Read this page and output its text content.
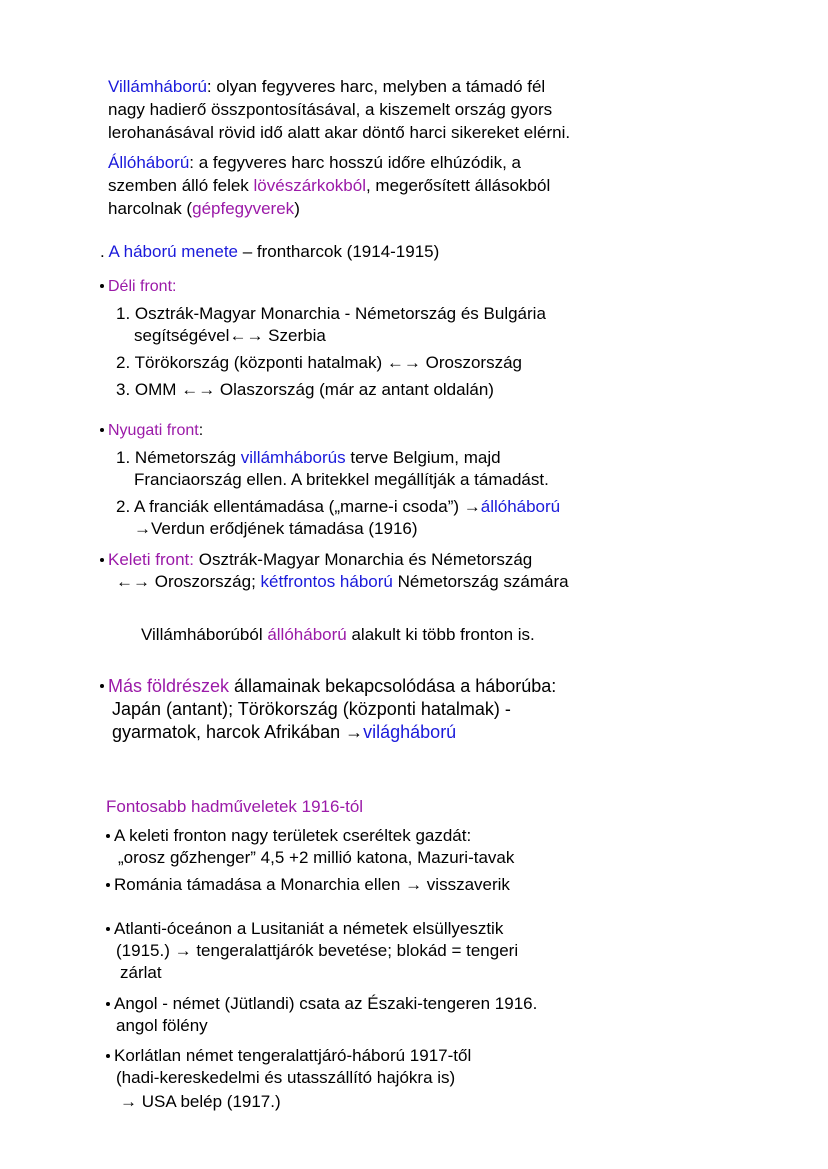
Villámháború: olyan fegyveres harc, melyben a támadó fél
nagy hadierő összpontosításával, a kiszemelt ország gyors
lerohanásával rövid idő alatt akar döntő harci sikereket elérni.
Állóháború: a fegyveres harc hosszú időre elhúzódik, a
szemben álló felek lövészárkokból, megerősített állásokból
harcolnak (gépfegyverek)
. A háború menete – frontharcok (1914-1915)
Déli front:
1. Osztrák-Magyar Monarchia - Németország és Bulgária
segítségével←→ Szerbia
2. Törökország (központi hatalmak) ←→ Oroszország
3. OMM ←→ Olaszország (már az antant oldalán)
Nyugati front:
1. Németország villámháborús terve Belgium, majd
Franciaország ellen. A britekkel megállítják a támadást.
2. A franciák ellentámadása („marne-i csoda”) →állóháború
→Verdun erődjének támadása (1916)
Keleti front: Osztrák-Magyar Monarchia és Németország
←→ Oroszország; kétfrontos háború Németország számára
Villámháborúból állóháború alakult ki több fronton is.
Más földrészek államainak bekapcsolódása a háborúba:
Japán (antant); Törökország (központi hatalmak) -
gyarmatok, harcok Afrikában →világháború
Fontosabb hadműveletek 1916-tól
A keleti fronton nagy területek cseréltek gazdát:
„orosz gőzhenger” 4,5 +2 millió katona, Mazuri-tavak
Románia támadása a Monarchia ellen → visszaverik
Atlanti-óceánon a Lusitaniát a németek elsüllyesztik
(1915.) → tengeralattjárók bevetése; blokád = tengeri
zárlat
Angol - német (Jütlandi) csata az Északi-tengeren 1916.
angol fölény
Korlátlan német tengeralattjáró-háború 1917-től
(hadi-kereskedelmi és utasszállító hajókra is)
→ USA belép (1917.)
